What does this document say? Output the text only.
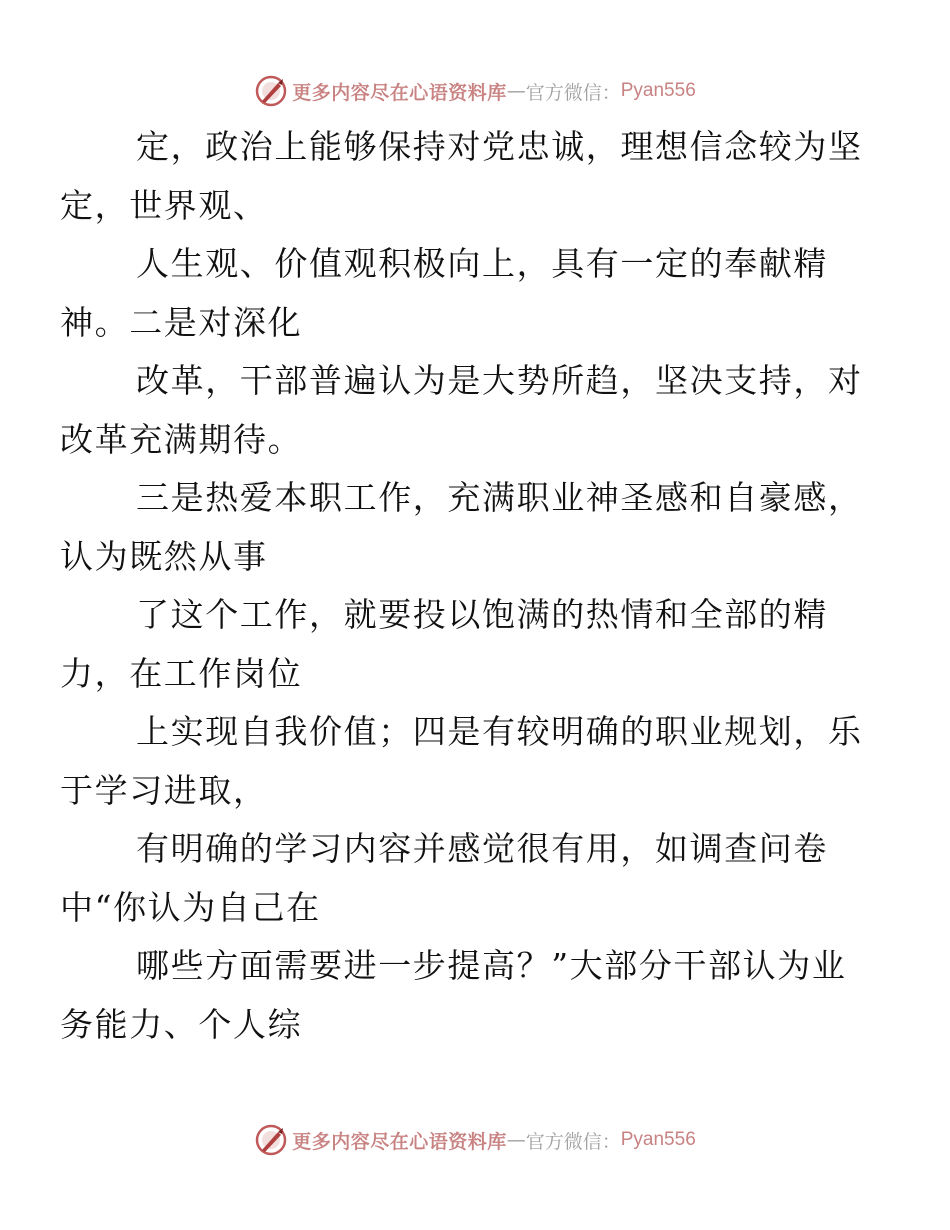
更多内容尽在心语资料库 — 官方微信： Pyan556

定，政治上能够保持对党忠诚，理想信念较为坚
定，世界观、

人生观、价值观积极向上，具有一定的奉献精
神。二是对深化

改革，干部普遍认为是大势所趋，坚决支持，对
改革充满期待。

三是热爱本职工作，充满职业神圣感和自豪感，
认为既然从事

了这个工作，就要投以饱满的热情和全部的精
力，在工作岗位

上实现自我价值；四是有较明确的职业规划，乐
于学习进取，

有明确的学习内容并感觉很有用，如调查问卷
中“你认为自己在

哪些方面需要进一步提高？”大部分干部认为业
务能力、个人综

更多内容尽在心语资料库 — 官方微信： Pyan556
